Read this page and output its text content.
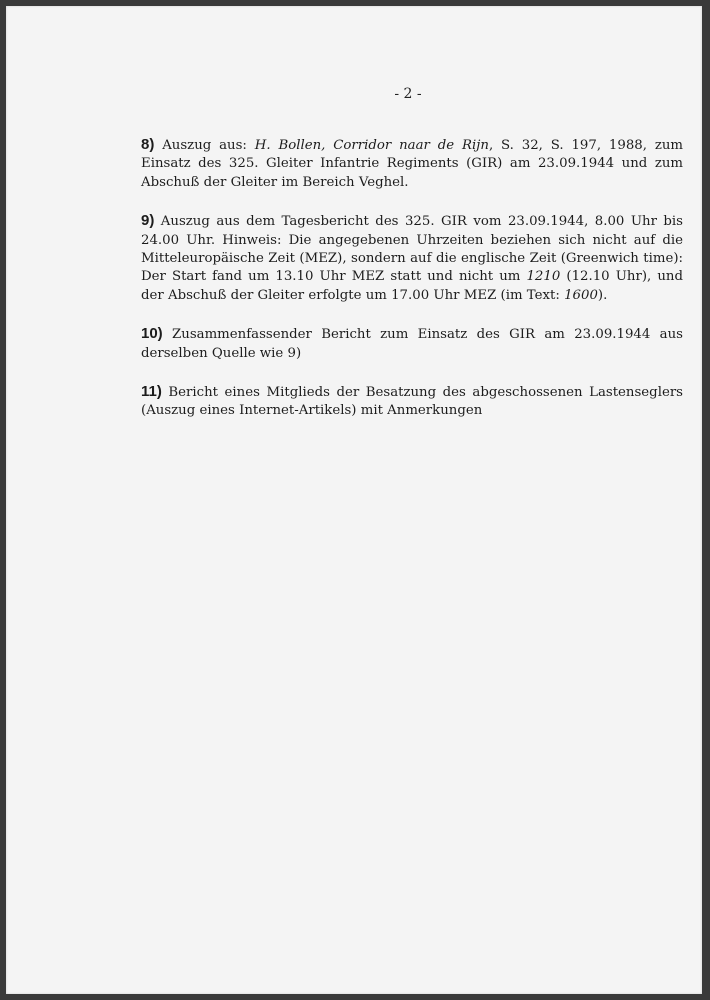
- 2 -

8) Auszug aus: H. Bollen, Corridor naar de Rijn, S. 32, S. 197, 1988, zum Einsatz des 325. Gleiter Infantrie Regiments (GIR) am 23.09.1944 und zum Abschuß der Gleiter im Bereich Veghel.

9) Auszug aus dem Tagesbericht des 325. GIR vom 23.09.1944, 8.00 Uhr bis 24.00 Uhr. Hinweis: Die angegebenen Uhrzeiten beziehen sich nicht auf die Mitteleuropäische Zeit (MEZ), sondern auf die englische Zeit (Greenwich time): Der Start fand um 13.10 Uhr MEZ statt und nicht um 1210 (12.10 Uhr), und der Abschuß der Gleiter erfolgte um 17.00 Uhr MEZ (im Text: 1600).

10) Zusammenfassender Bericht zum Einsatz des GIR am 23.09.1944 aus derselben Quelle wie 9)

11) Bericht eines Mitglieds der Besatzung des abgeschossenen Lastenseglers (Auszug eines Internet-Artikels) mit Anmerkungen
